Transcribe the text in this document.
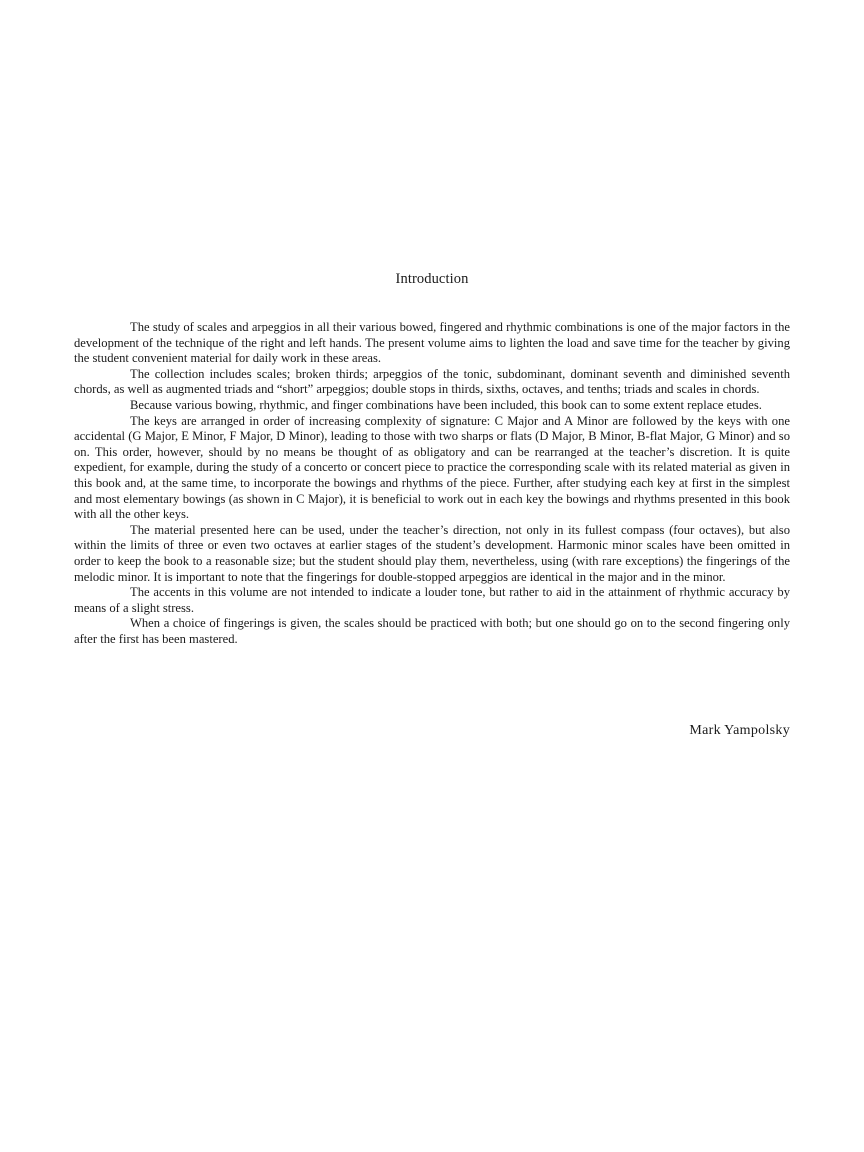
Introduction

The study of scales and arpeggios in all their various bowed, fingered and rhythmic combinations is one of the major factors in the development of the technique of the right and left hands. The present volume aims to lighten the load and save time for the teacher by giving the student convenient material for daily work in these areas.

The collection includes scales; broken thirds; arpeggios of the tonic, subdominant, dominant seventh and diminished seventh chords, as well as augmented triads and “short” arpeggios; double stops in thirds, sixths, octaves, and tenths; triads and scales in chords.

Because various bowing, rhythmic, and finger combinations have been included, this book can to some extent replace etudes.

The keys are arranged in order of increasing complexity of signature: C Major and A Minor are followed by the keys with one accidental (G Major, E Minor, F Major, D Minor), leading to those with two sharps or flats (D Major, B Minor, B-flat Major, G Minor) and so on. This order, however, should by no means be thought of as obligatory and can be rearranged at the teacher’s discretion. It is quite expedient, for example, during the study of a concerto or concert piece to practice the corresponding scale with its related material as given in this book and, at the same time, to incorporate the bowings and rhythms of the piece. Further, after studying each key at first in the simplest and most elementary bowings (as shown in C Major), it is beneficial to work out in each key the bowings and rhythms presented in this book with all the other keys.

The material presented here can be used, under the teacher’s direction, not only in its fullest compass (four octaves), but also within the limits of three or even two octaves at earlier stages of the student’s development. Harmonic minor scales have been omitted in order to keep the book to a reasonable size; but the student should play them, nevertheless, using (with rare exceptions) the fingerings of the melodic minor. It is important to note that the fingerings for double-stopped arpeggios are identical in the major and in the minor.

The accents in this volume are not intended to indicate a louder tone, but rather to aid in the attainment of rhythmic accuracy by means of a slight stress.

When a choice of fingerings is given, the scales should be practiced with both; but one should go on to the second fingering only after the first has been mastered.

Mark Yampolsky
